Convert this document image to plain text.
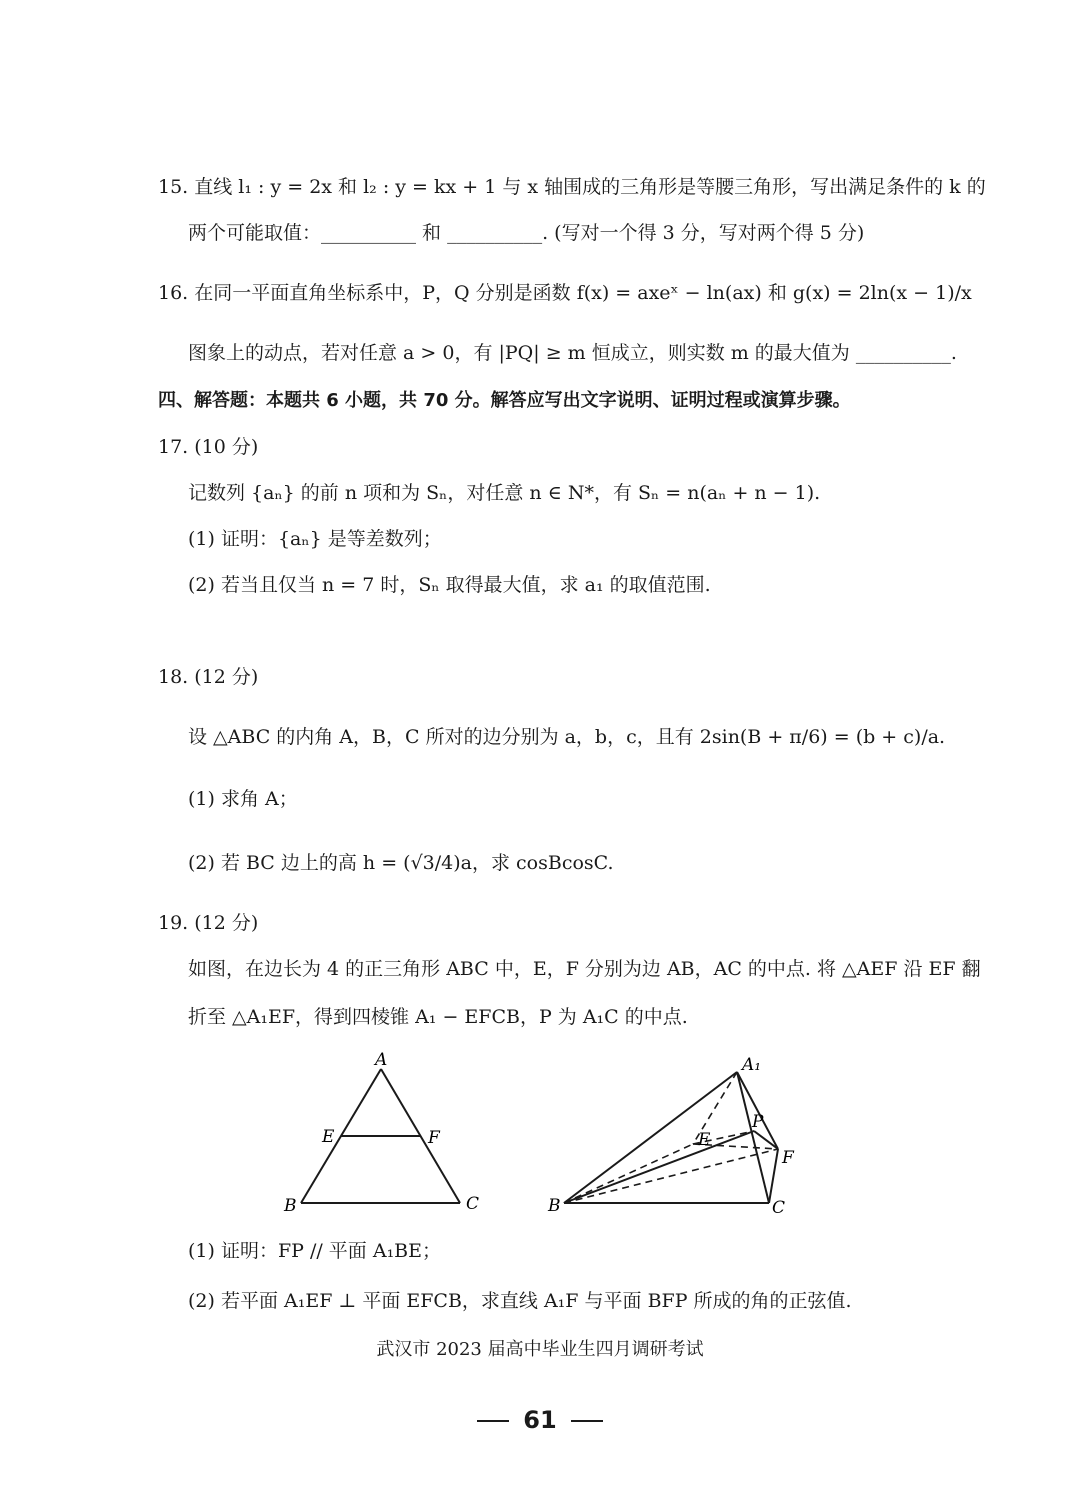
15. 直线 l₁ : y = 2x 和 l₂ : y = kx + 1 与 x 轴围成的三角形是等腰三角形，写出满足条件的 k 的
两个可能取值：__________ 和 __________. (写对一个得 3 分，写对两个得 5 分)
16. 在同一平面直角坐标系中，P，Q 分别是函数 f(x) = axeˣ − ln(ax) 和 g(x) = 2ln(x − 1)/x
图象上的动点，若对任意 a > 0，有 |PQ| ≥ m 恒成立，则实数 m 的最大值为 __________.
四、解答题：本题共 6 小题，共 70 分。解答应写出文字说明、证明过程或演算步骤。
17. (10 分)
记数列 {aₙ} 的前 n 项和为 Sₙ，对任意 n ∈ N*，有 Sₙ = n(aₙ + n − 1).
(1) 证明：{aₙ} 是等差数列；
(2) 若当且仅当 n = 7 时，Sₙ 取得最大值，求 a₁ 的取值范围.
18. (12 分)
设 △ABC 的内角 A，B，C 所对的边分别为 a，b，c，且有 2sin(B + π/6) = (b + c)/a.
(1) 求角 A；
(2) 若 BC 边上的高 h = (√3/4)a，求 cosBcosC.
19. (12 分)
如图，在边长为 4 的正三角形 ABC 中，E，F 分别为边 AB，AC 的中点. 将 △AEF 沿 EF 翻
折至 △A₁EF，得到四棱锥 A₁ − EFCB，P 为 A₁C 的中点.
A
B	C
E	F
A₁
B	C
E
F
P
(1) 证明：FP // 平面 A₁BE；
(2) 若平面 A₁EF ⊥ 平面 EFCB，求直线 A₁F 与平面 BFP 所成的角的正弦值.
武汉市 2023 届高中毕业生四月调研考试
61
